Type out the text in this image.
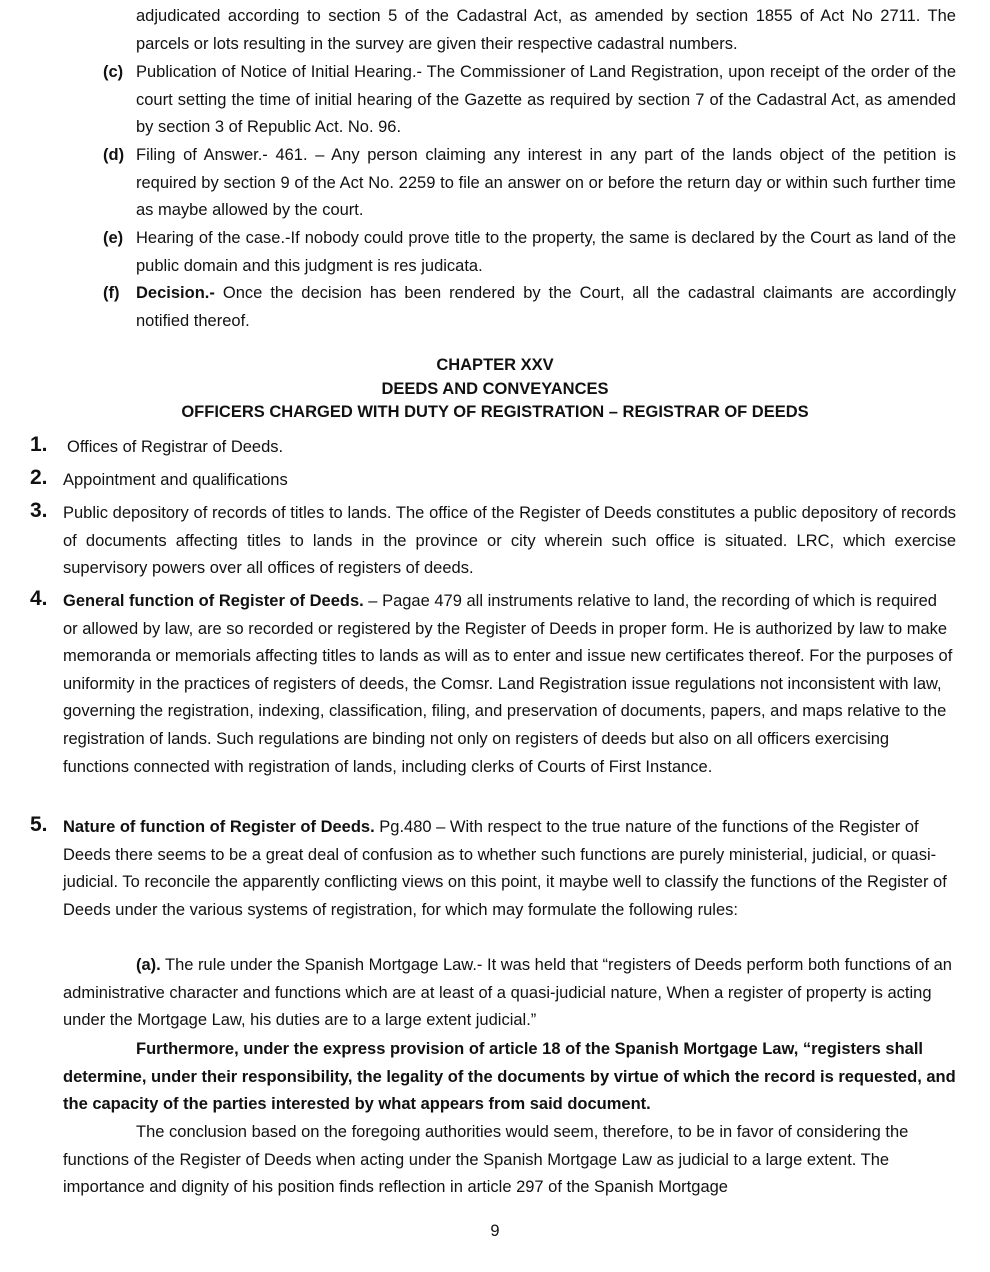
adjudicated according to section 5 of the Cadastral Act, as amended by section 1855 of Act No 2711. The parcels or lots resulting in the survey are given their respective cadastral numbers.
(c) Publication of Notice of Initial Hearing.- The Commissioner of Land Registration, upon receipt of the order of the court setting the time of initial hearing of the Gazette as required by section 7 of the Cadastral Act, as amended by section 3 of Republic Act. No. 96.
(d) Filing of Answer.- 461. – Any person claiming any interest in any part of the lands object of the petition is required by section 9 of the Act No. 2259 to file an answer on or before the return day or within such further time as maybe allowed by the court.
(e) Hearing of the case.-If nobody could prove title to the property, the same is declared by the Court as land of the public domain and this judgment is res judicata.
(f) Decision.- Once the decision has been rendered by the Court, all the cadastral claimants are accordingly notified thereof.
CHAPTER XXV
DEEDS AND CONVEYANCES
OFFICERS CHARGED WITH DUTY OF REGISTRATION – REGISTRAR OF DEEDS
1. Offices of Registrar of Deeds.
2. Appointment and qualifications
3. Public depository of records of titles to lands. The office of the Register of Deeds constitutes a public depository of records of documents affecting titles to lands in the province or city wherein such office is situated. LRC, which exercise supervisory powers over all offices of registers of deeds.
4. General function of Register of Deeds. – Pagae 479 all instruments relative to land, the recording of which is required or allowed by law, are so recorded or registered by the Register of Deeds in proper form. He is authorized by law to make memoranda or memorials affecting titles to lands as will as to enter and issue new certificates thereof. For the purposes of uniformity in the practices of registers of deeds, the Comsr. Land Registration issue regulations not inconsistent with law, governing the registration, indexing, classification, filing, and preservation of documents, papers, and maps relative to the registration of lands. Such regulations are binding not only on registers of deeds but also on all officers exercising functions connected with registration of lands, including clerks of Courts of First Instance.
5. Nature of function of Register of Deeds. Pg.480 – With respect to the true nature of the functions of the Register of Deeds there seems to be a great deal of confusion as to whether such functions are purely ministerial, judicial, or quasi-judicial. To reconcile the apparently conflicting views on this point, it maybe well to classify the functions of the Register of Deeds under the various systems of registration, for which may formulate the following rules:
(a). The rule under the Spanish Mortgage Law.- It was held that “registers of Deeds perform both functions of an administrative character and functions which are at least of a quasi-judicial nature, When a register of property is acting under the Mortgage Law, his duties are to a large extent judicial.”
Furthermore, under the express provision of article 18 of the Spanish Mortgage Law, “registers shall determine, under their responsibility, the legality of the documents by virtue of which the record is requested, and the capacity of the parties interested by what appears from said document.
The conclusion based on the foregoing authorities would seem, therefore, to be in favor of considering the functions of the Register of Deeds when acting under the Spanish Mortgage Law as judicial to a large extent. The importance and dignity of his position finds reflection in article 297 of the Spanish Mortgage
9
